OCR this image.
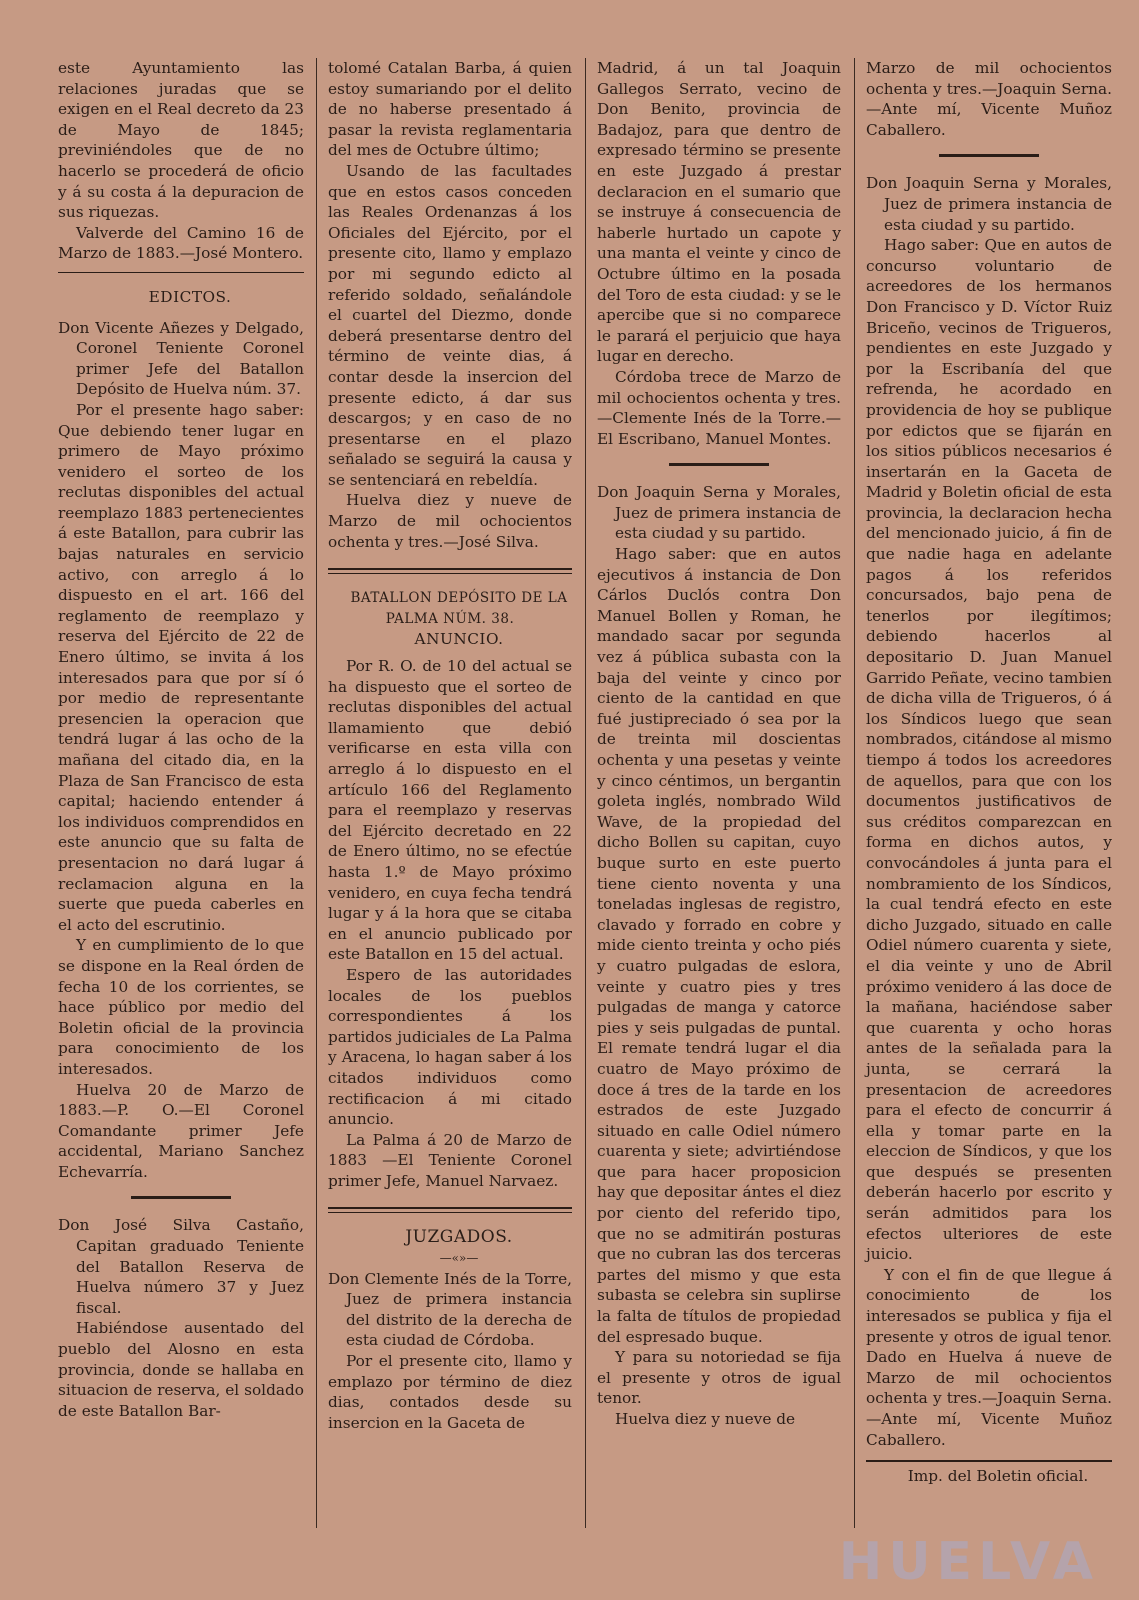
este Ayuntamiento las relaciones juradas que se exigen en el Real decreto da 23 de Mayo de 1845; previniéndoles que de no hacerlo se procederá de oficio y á su costa á la depuracion de sus riquezas.

Valverde del Camino 16 de Marzo de 1883.—José Montero.

EDICTOS.

Don Vicente Añezes y Delgado, Coronel Teniente Coronel primer Jefe del Batallon Depósito de Huelva núm. 37.

Por el presente hago saber: Que debiendo tener lugar en primero de Mayo próximo venidero el sorteo de los reclutas disponibles del actual reemplazo 1883 pertenecientes á este Batallon, para cubrir las bajas naturales en servicio activo, con arreglo á lo dispuesto en el art. 166 del reglamento de reemplazo y reserva del Ejército de 22 de Enero último, se invita á los interesados para que por sí ó por medio de representante presencien la operacion que tendrá lugar á las ocho de la mañana del citado dia, en la Plaza de San Francisco de esta capital; haciendo entender á los individuos comprendidos en este anuncio que su falta de presentacion no dará lugar á reclamacion alguna en la suerte que pueda caberles en el acto del escrutinio.

Y en cumplimiento de lo que se dispone en la Real órden de fecha 10 de los corrientes, se hace público por medio del Boletin oficial de la provincia para conocimiento de los interesados.

Huelva 20 de Marzo de 1883.—P. O.—El Coronel Comandante primer Jefe accidental, Mariano Sanchez Echevarría.

Don José Silva Castaño, Capitan graduado Teniente del Batallon Reserva de Huelva número 37 y Juez fiscal.

Habiéndose ausentado del pueblo del Alosno en esta provincia, donde se hallaba en situacion de reserva, el soldado de este Batallon Bar-

tolomé Catalan Barba, á quien estoy sumariando por el delito de no haberse presentado á pasar la revista reglamentaria del mes de Octubre último;

Usando de las facultades que en estos casos conceden las Reales Ordenanzas á los Oficiales del Ejército, por el presente cito, llamo y emplazo por mi segundo edicto al referido soldado, señalándole el cuartel del Diezmo, donde deberá presentarse dentro del término de veinte dias, á contar desde la insercion del presente edicto, á dar sus descargos; y en caso de no presentarse en el plazo señalado se seguirá la causa y se sentenciará en rebeldía.

Huelva diez y nueve de Marzo de mil ochocientos ochenta y tres.—José Silva.

BATALLON DEPÓSITO DE LA PALMA NÚM. 38.

ANUNCIO.

Por R. O. de 10 del actual se ha dispuesto que el sorteo de reclutas disponibles del actual llamamiento que debió verificarse en esta villa con arreglo á lo dispuesto en el artículo 166 del Reglamento para el reemplazo y reservas del Ejército decretado en 22 de Enero último, no se efectúe hasta 1.º de Mayo próximo venidero, en cuya fecha tendrá lugar y á la hora que se citaba en el anuncio publicado por este Batallon en 15 del actual.

Espero de las autoridades locales de los pueblos correspondientes á los partidos judiciales de La Palma y Aracena, lo hagan saber á los citados individuos como rectificacion á mi citado anuncio.

La Palma á 20 de Marzo de 1883 —El Teniente Coronel primer Jefe, Manuel Narvaez.

JUZGADOS.

—«»—

Don Clemente Inés de la Torre, Juez de primera instancia del distrito de la derecha de esta ciudad de Córdoba.

Por el presente cito, llamo y emplazo por término de diez dias, contados desde su insercion en la Gaceta de

Madrid, á un tal Joaquin Gallegos Serrato, vecino de Don Benito, provincia de Badajoz, para que dentro de expresado término se presente en este Juzgado á prestar declaracion en el sumario que se instruye á consecuencia de haberle hurtado un capote y una manta el veinte y cinco de Octubre último en la posada del Toro de esta ciudad: y se le apercibe que si no comparece le parará el perjuicio que haya lugar en derecho.

Córdoba trece de Marzo de mil ochocientos ochenta y tres.—Clemente Inés de la Torre.—El Escribano, Manuel Montes.

Don Joaquin Serna y Morales, Juez de primera instancia de esta ciudad y su partido.

Hago saber: que en autos ejecutivos á instancia de Don Cárlos Duclós contra Don Manuel Bollen y Roman, he mandado sacar por segunda vez á pública subasta con la baja del veinte y cinco por ciento de la cantidad en que fué justipreciado ó sea por la de treinta mil doscientas ochenta y una pesetas y veinte y cinco céntimos, un bergantin goleta inglés, nombrado Wild Wave, de la propiedad del dicho Bollen su capitan, cuyo buque surto en este puerto tiene ciento noventa y una toneladas inglesas de registro, clavado y forrado en cobre y mide ciento treinta y ocho piés y cuatro pulgadas de eslora, veinte y cuatro pies y tres pulgadas de manga y catorce pies y seis pulgadas de puntal. El remate tendrá lugar el dia cuatro de Mayo próximo de doce á tres de la tarde en los estrados de este Juzgado situado en calle Odiel número cuarenta y siete; advirtiéndose que para hacer proposicion hay que depositar ántes el diez por ciento del referido tipo, que no se admitirán posturas que no cubran las dos terceras partes del mismo y que esta subasta se celebra sin suplirse la falta de títulos de propiedad del espresado buque.

Y para su notoriedad se fija el presente y otros de igual tenor.

Huelva diez y nueve de

Marzo de mil ochocientos ochenta y tres.—Joaquin Serna.—Ante mí, Vicente Muñoz Caballero.

Don Joaquin Serna y Morales, Juez de primera instancia de esta ciudad y su partido.

Hago saber: Que en autos de concurso voluntario de acreedores de los hermanos Don Francisco y D. Víctor Ruiz Briceño, vecinos de Trigueros, pendientes en este Juzgado y por la Escribanía del que refrenda, he acordado en providencia de hoy se publique por edictos que se fijarán en los sitios públicos necesarios é insertarán en la Gaceta de Madrid y Boletin oficial de esta provincia, la declaracion hecha del mencionado juicio, á fin de que nadie haga en adelante pagos á los referidos concursados, bajo pena de tenerlos por ilegítimos; debiendo hacerlos al depositario D. Juan Manuel Garrido Peñate, vecino tambien de dicha villa de Trigueros, ó á los Síndicos luego que sean nombrados, citándose al mismo tiempo á todos los acreedores de aquellos, para que con los documentos justificativos de sus créditos comparezcan en forma en dichos autos, y convocándoles á junta para el nombramiento de los Síndicos, la cual tendrá efecto en este dicho Juzgado, situado en calle Odiel número cuarenta y siete, el dia veinte y uno de Abril próximo venidero á las doce de la mañana, haciéndose saber que cuarenta y ocho horas antes de la señalada para la junta, se cerrará la presentacion de acreedores para el efecto de concurrir á ella y tomar parte en la eleccion de Síndicos, y que los que después se presenten deberán hacerlo por escrito y serán admitidos para los efectos ulteriores de este juicio.

Y con el fin de que llegue á conocimiento de los interesados se publica y fija el presente y otros de igual tenor. Dado en Huelva á nueve de Marzo de mil ochocientos ochenta y tres.—Joaquin Serna.—Ante mí, Vicente Muñoz Caballero.

Imp. del Boletin oficial.

HUELVA
